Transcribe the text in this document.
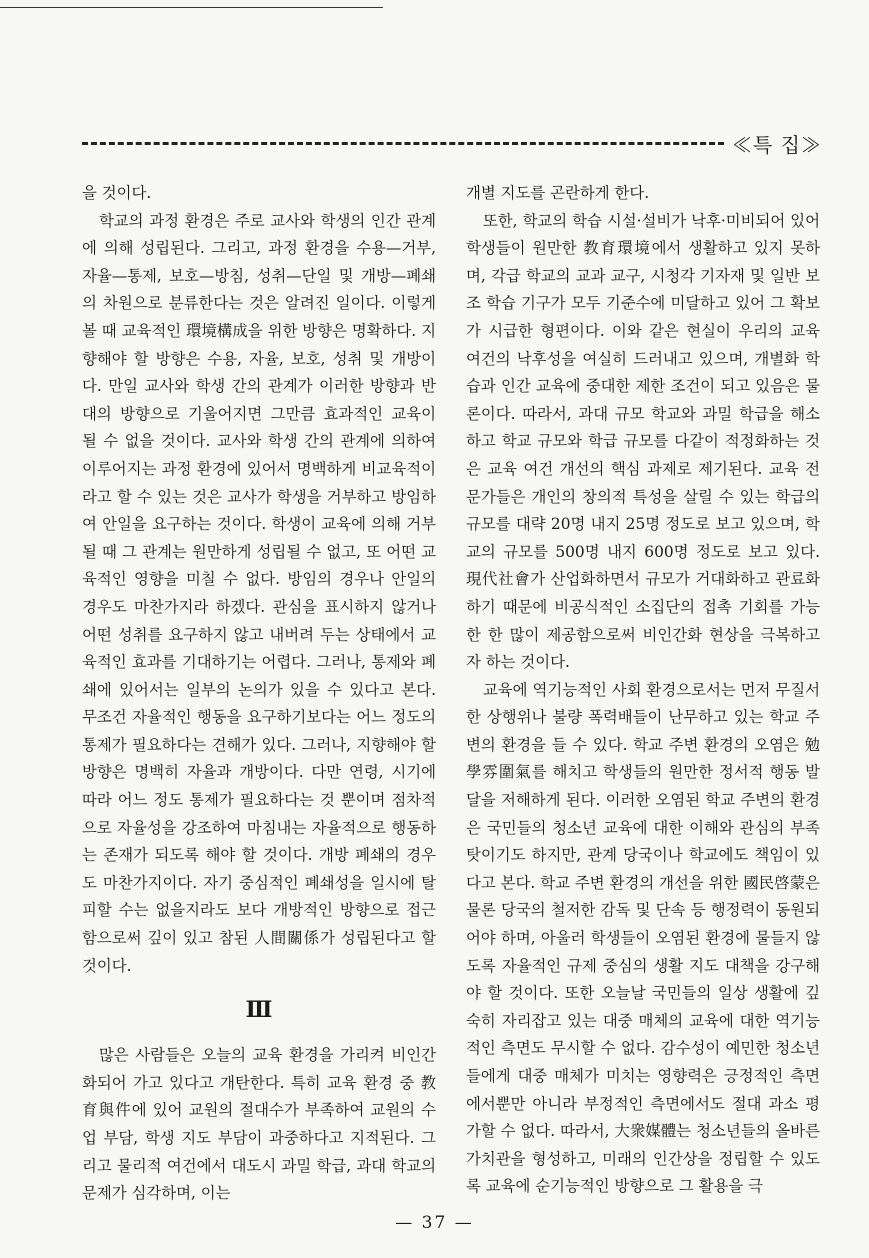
≪특 집≫

을 것이다.

학교의 과정 환경은 주로 교사와 학생의 인간 관계에 의해 성립된다. 그리고, 과정 환경을 수용—거부, 자율—통제, 보호—방침, 성취—단일 및 개방—폐쇄의 차원으로 분류한다는 것은 알려진 일이다. 이렇게 볼 때 교육적인 環境構成을 위한 방향은 명확하다. 지향해야 할 방향은 수용, 자율, 보호, 성취 및 개방이다. 만일 교사와 학생 간의 관계가 이러한 방향과 반대의 방향으로 기울어지면 그만큼 효과적인 교육이 될 수 없을 것이다. 교사와 학생 간의 관계에 의하여 이루어지는 과정 환경에 있어서 명백하게 비교육적이라고 할 수 있는 것은 교사가 학생을 거부하고 방임하여 안일을 요구하는 것이다. 학생이 교육에 의해 거부될 때 그 관계는 원만하게 성립될 수 없고, 또 어떤 교육적인 영향을 미칠 수 없다. 방임의 경우나 안일의 경우도 마찬가지라 하겠다. 관심을 표시하지 않거나 어떤 성취를 요구하지 않고 내버려 두는 상태에서 교육적인 효과를 기대하기는 어렵다. 그러나, 통제와 폐쇄에 있어서는 일부의 논의가 있을 수 있다고 본다. 무조건 자율적인 행동을 요구하기보다는 어느 정도의 통제가 필요하다는 견해가 있다. 그러나, 지향해야 할 방향은 명백히 자율과 개방이다. 다만 연령, 시기에 따라 어느 정도 통제가 필요하다는 것 뿐이며 점차적으로 자율성을 강조하여 마침내는 자율적으로 행동하는 존재가 되도록 해야 할 것이다. 개방 폐쇄의 경우도 마찬가지이다. 자기 중심적인 폐쇄성을 일시에 탈피할 수는 없을지라도 보다 개방적인 방향으로 접근함으로써 깊이 있고 참된 人間關係가 성립된다고 할 것이다.

Ⅲ

많은 사람들은 오늘의 교육 환경을 가리켜 비인간화되어 가고 있다고 개탄한다. 특히 교육 환경 중 教育與件에 있어 교원의 절대수가 부족하여 교원의 수업 부담, 학생 지도 부담이 과중하다고 지적된다. 그리고 물리적 여건에서 대도시 과밀 학급, 과대 학교의 문제가 심각하며, 이는

개별 지도를 곤란하게 한다.

또한, 학교의 학습 시설·설비가 낙후·미비되어 있어 학생들이 원만한 教育環境에서 생활하고 있지 못하며, 각급 학교의 교과 교구, 시청각 기자재 및 일반 보조 학습 기구가 모두 기준수에 미달하고 있어 그 확보가 시급한 형편이다. 이와 같은 현실이 우리의 교육 여건의 낙후성을 여실히 드러내고 있으며, 개별화 학습과 인간 교육에 중대한 제한 조건이 되고 있음은 물론이다. 따라서, 과대 규모 학교와 과밀 학급을 해소하고 학교 규모와 학급 규모를 다같이 적정화하는 것은 교육 여건 개선의 핵심 과제로 제기된다. 교육 전문가들은 개인의 창의적 특성을 살릴 수 있는 학급의 규모를 대략 20명 내지 25명 정도로 보고 있으며, 학교의 규모를 500명 내지 600명 정도로 보고 있다. 現代社會가 산업화하면서 규모가 거대화하고 관료화하기 때문에 비공식적인 소집단의 접촉 기회를 가능한 한 많이 제공함으로써 비인간화 현상을 극복하고자 하는 것이다.

교육에 역기능적인 사회 환경으로서는 먼저 무질서한 상행위나 불량 폭력배들이 난무하고 있는 학교 주변의 환경을 들 수 있다. 학교 주변 환경의 오염은 勉學雰圍氣를 해치고 학생들의 원만한 정서적 행동 발달을 저해하게 된다. 이러한 오염된 학교 주변의 환경은 국민들의 청소년 교육에 대한 이해와 관심의 부족 탓이기도 하지만, 관계 당국이나 학교에도 책임이 있다고 본다. 학교 주변 환경의 개선을 위한 國民啓蒙은 물론 당국의 철저한 감독 및 단속 등 행정력이 동원되어야 하며, 아울러 학생들이 오염된 환경에 물들지 않도록 자율적인 규제 중심의 생활 지도 대책을 강구해야 할 것이다. 또한 오늘날 국민들의 일상 생활에 깊숙히 자리잡고 있는 대중 매체의 교육에 대한 역기능적인 측면도 무시할 수 없다. 감수성이 예민한 청소년들에게 대중 매체가 미치는 영향력은 긍정적인 측면에서뿐만 아니라 부정적인 측면에서도 절대 과소 평가할 수 없다. 따라서, 大衆媒體는 청소년들의 올바른 가치관을 형성하고, 미래의 인간상을 정립할 수 있도록 교육에 순기능적인 방향으로 그 활용을 극

— 37 —
